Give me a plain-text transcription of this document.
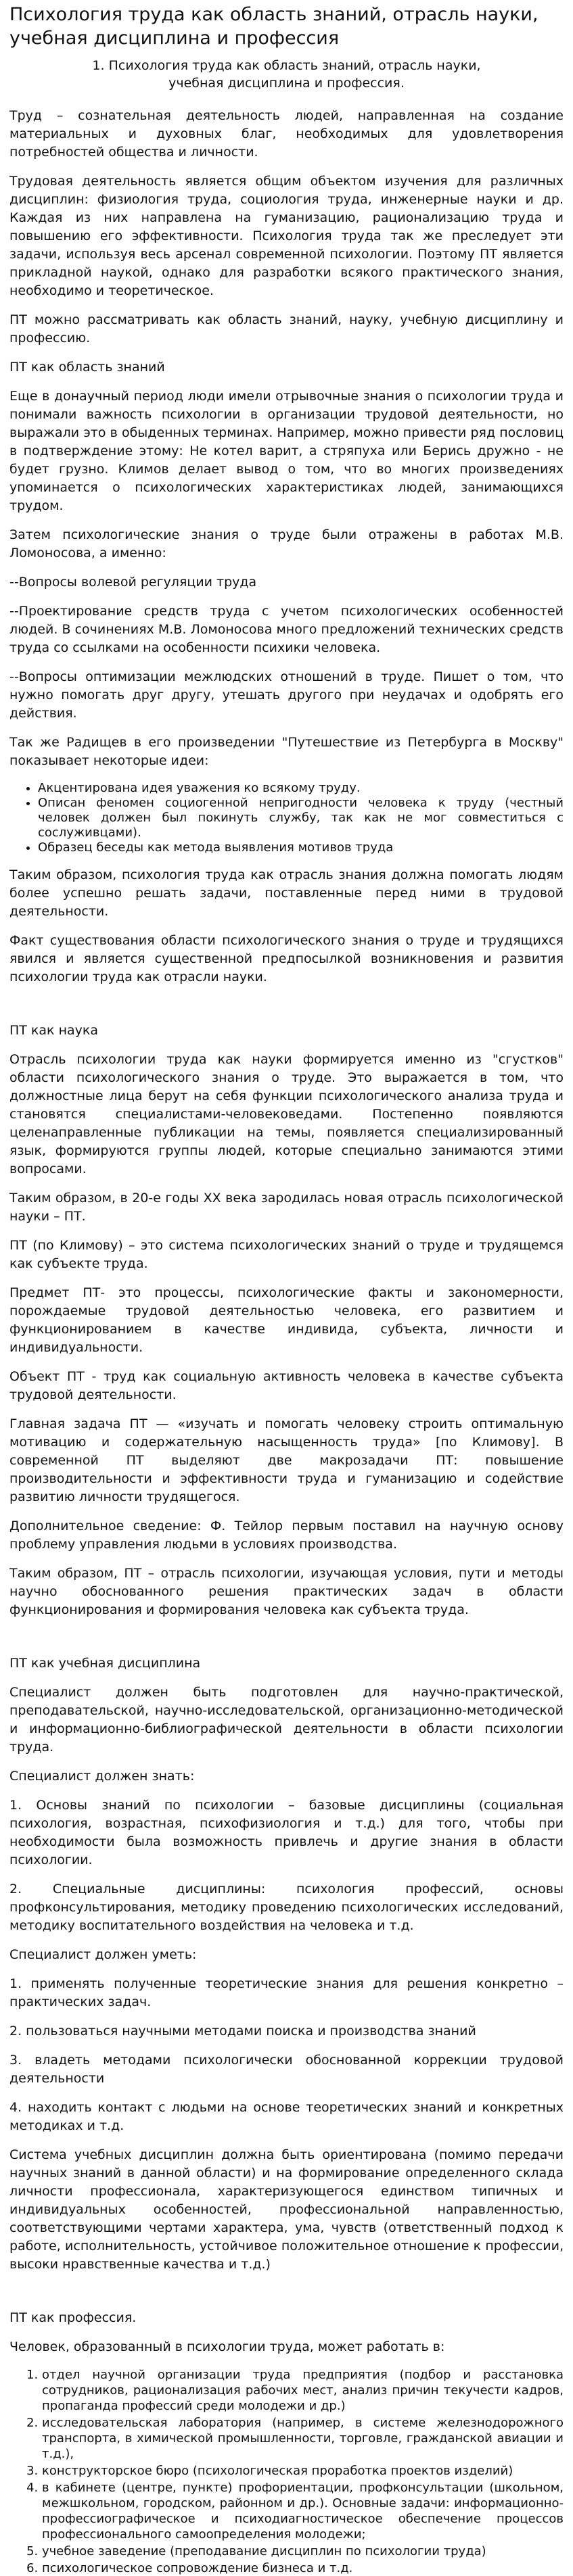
Психология труда как область знаний, отрасль науки, учебная дисциплина и профессия
1. Психология труда как область знаний, отрасль науки, учебная дисциплина и профессия.

Труд – сознательная деятельность людей, направленная на создание материальных и духовных благ, необходимых для удовлетворения потребностей общества и личности.

Трудовая деятельность является общим объектом изучения для различных дисциплин: физиология труда, социология труда, инженерные науки и др. Каждая из них направлена на гуманизацию, рационализацию труда и повышению его эффективности. Психология труда так же преследует эти задачи, используя весь арсенал современной психологии. Поэтому ПТ является прикладной наукой, однако для разработки всякого практического знания, необходимо и теоретическое.

ПТ можно рассматривать как область знаний, науку, учебную дисциплину и профессию.

ПТ как область знаний

Еще в донаучный период люди имели отрывочные знания о психологии труда и понимали важность психологии в организации трудовой деятельности, но выражали это в обыденных терминах. Например, можно привести ряд пословиц в подтверждение этому: Не котел варит, а стряпуха или Берись дружно - не будет грузно. Климов делает вывод о том, что во многих произведениях упоминается о психологических характеристиках людей, занимающихся трудом.

Затем психологические знания о труде были отражены в работах М.В. Ломоносова, а именно:

--Вопросы волевой регуляции труда

--Проектирование средств труда с учетом психологических особенностей людей. В сочинениях М.В. Ломоносова много предложений технических средств труда со ссылками на особенности психики человека.

--Вопросы оптимизации межлюдских отношений в труде. Пишет о том, что нужно помогать друг другу, утешать другого при неудачах и одобрять его действия.

Так же Радищев в его произведении "Путешествие из Петербурга в Москву" показывает некоторые идеи:

• Акцентирована идея уважения ко всякому труду.
• Описан феномен социогенной непригодности человека к труду (честный человек должен был покинуть службу, так как не мог совместиться с сослуживцами).
• Образец беседы как метода выявления мотивов труда

Таким образом, психология труда как отрасль знания должна помогать людям более успешно решать задачи, поставленные перед ними в трудовой деятельности.

Факт существования области психологического знания о труде и трудящихся явился и является существенной предпосылкой возникновения и развития психологии труда как отрасли науки.

ПТ как наука

Отрасль психологии труда как науки формируется именно из "сгустков" области психологического знания о труде. Это выражается в том, что должностные лица берут на себя функции психологического анализа труда и становятся специалистами-человековедами. Постепенно появляются целенаправленные публикации на темы, появляется специализированный язык, формируются группы людей, которые специально занимаются этими вопросами.

Таким образом, в 20-е годы XX века зародилась новая отрасль психологической науки – ПТ.

ПТ (по Климову) – это система психологических знаний о труде и трудящемся как субъекте труда.

Предмет ПТ- это процессы, психологические факты и закономерности, порождаемые трудовой деятельностью человека, его развитием и функционированием в качестве индивида, субъекта, личности и индивидуальности.

Объект ПТ - труд как социальную активность человека в качестве субъекта трудовой деятельности.

Главная задача ПТ — «изучать и помогать человеку строить оптимальную мотивацию и содержательную насыщенность труда» [по Климову]. В современной ПТ выделяют две макрозадачи ПТ: повышение производительности и эффективности труда и гуманизацию и содействие развитию личности трудящегося.

Дополнительное сведение: Ф. Тейлор первым поставил на научную основу проблему управления людьми в условиях производства.

Таким образом, ПТ – отрасль психологии, изучающая условия, пути и методы научно обоснованного решения практических задач в области функционирования и формирования человека как субъекта труда.

ПТ как учебная дисциплина

Специалист должен быть подготовлен для научно-практической, преподавательской, научно-исследовательской, организационно-методической и информационно-библиографической деятельности в области психологии труда.

Специалист должен знать:

1. Основы знаний по психологии – базовые дисциплины (социальная психология, возрастная, психофизиология и т.д.) для того, чтобы при необходимости была возможность привлечь и другие знания в области психологии.

2. Специальные дисциплины: психология профессий, основы профконсультирования, методику проведению психологических исследований, методику воспитательного воздействия на человека и т.д.

Специалист должен уметь:

1. применять полученные теоретические знания для решения конкретно – практических задач.

2. пользоваться научными методами поиска и производства знаний

3. владеть методами психологически обоснованной коррекции трудовой деятельности

4. находить контакт с людьми на основе теоретических знаний и конкретных методиках и т.д.

Система учебных дисциплин должна быть ориентирована (помимо передачи научных знаний в данной области) и на формирование определенного склада личности профессионала, характеризующегося единством типичных и индивидуальных особенностей, профессиональной направленностью, соответствующими чертами характера, ума, чувств (ответственный подход к работе, исполнительность, устойчивое положительное отношение к профессии, высоки нравственные качества и т.д.)

ПТ как профессия.

Человек, образованный в психологии труда, может работать в:

1. отдел научной организации труда предприятия (подбор и расстановка сотрудников, рационализация рабочих мест, анализ причин текучести кадров, пропаганда профессий среди молодежи и др.)
2. исследовательская лаборатория (например, в системе железнодорожного транспорта, в химической промышленности, торговле, гражданской авиации и т.д.),
3. конструкторское бюро (психологическая проработка проектов изделий)
4. в кабинете (центре, пункте) профориентации, профконсультации (школьном, межшкольном, городском, районном и др.). Основные задачи: информационно-профессиографическое и психодиагностическое обеспечение процессов профессионального самоопределения молодежи;
5. учебное заведение (преподавание дисциплин по психологии труда)
6. психологическое сопровождение бизнеса и т.д.
